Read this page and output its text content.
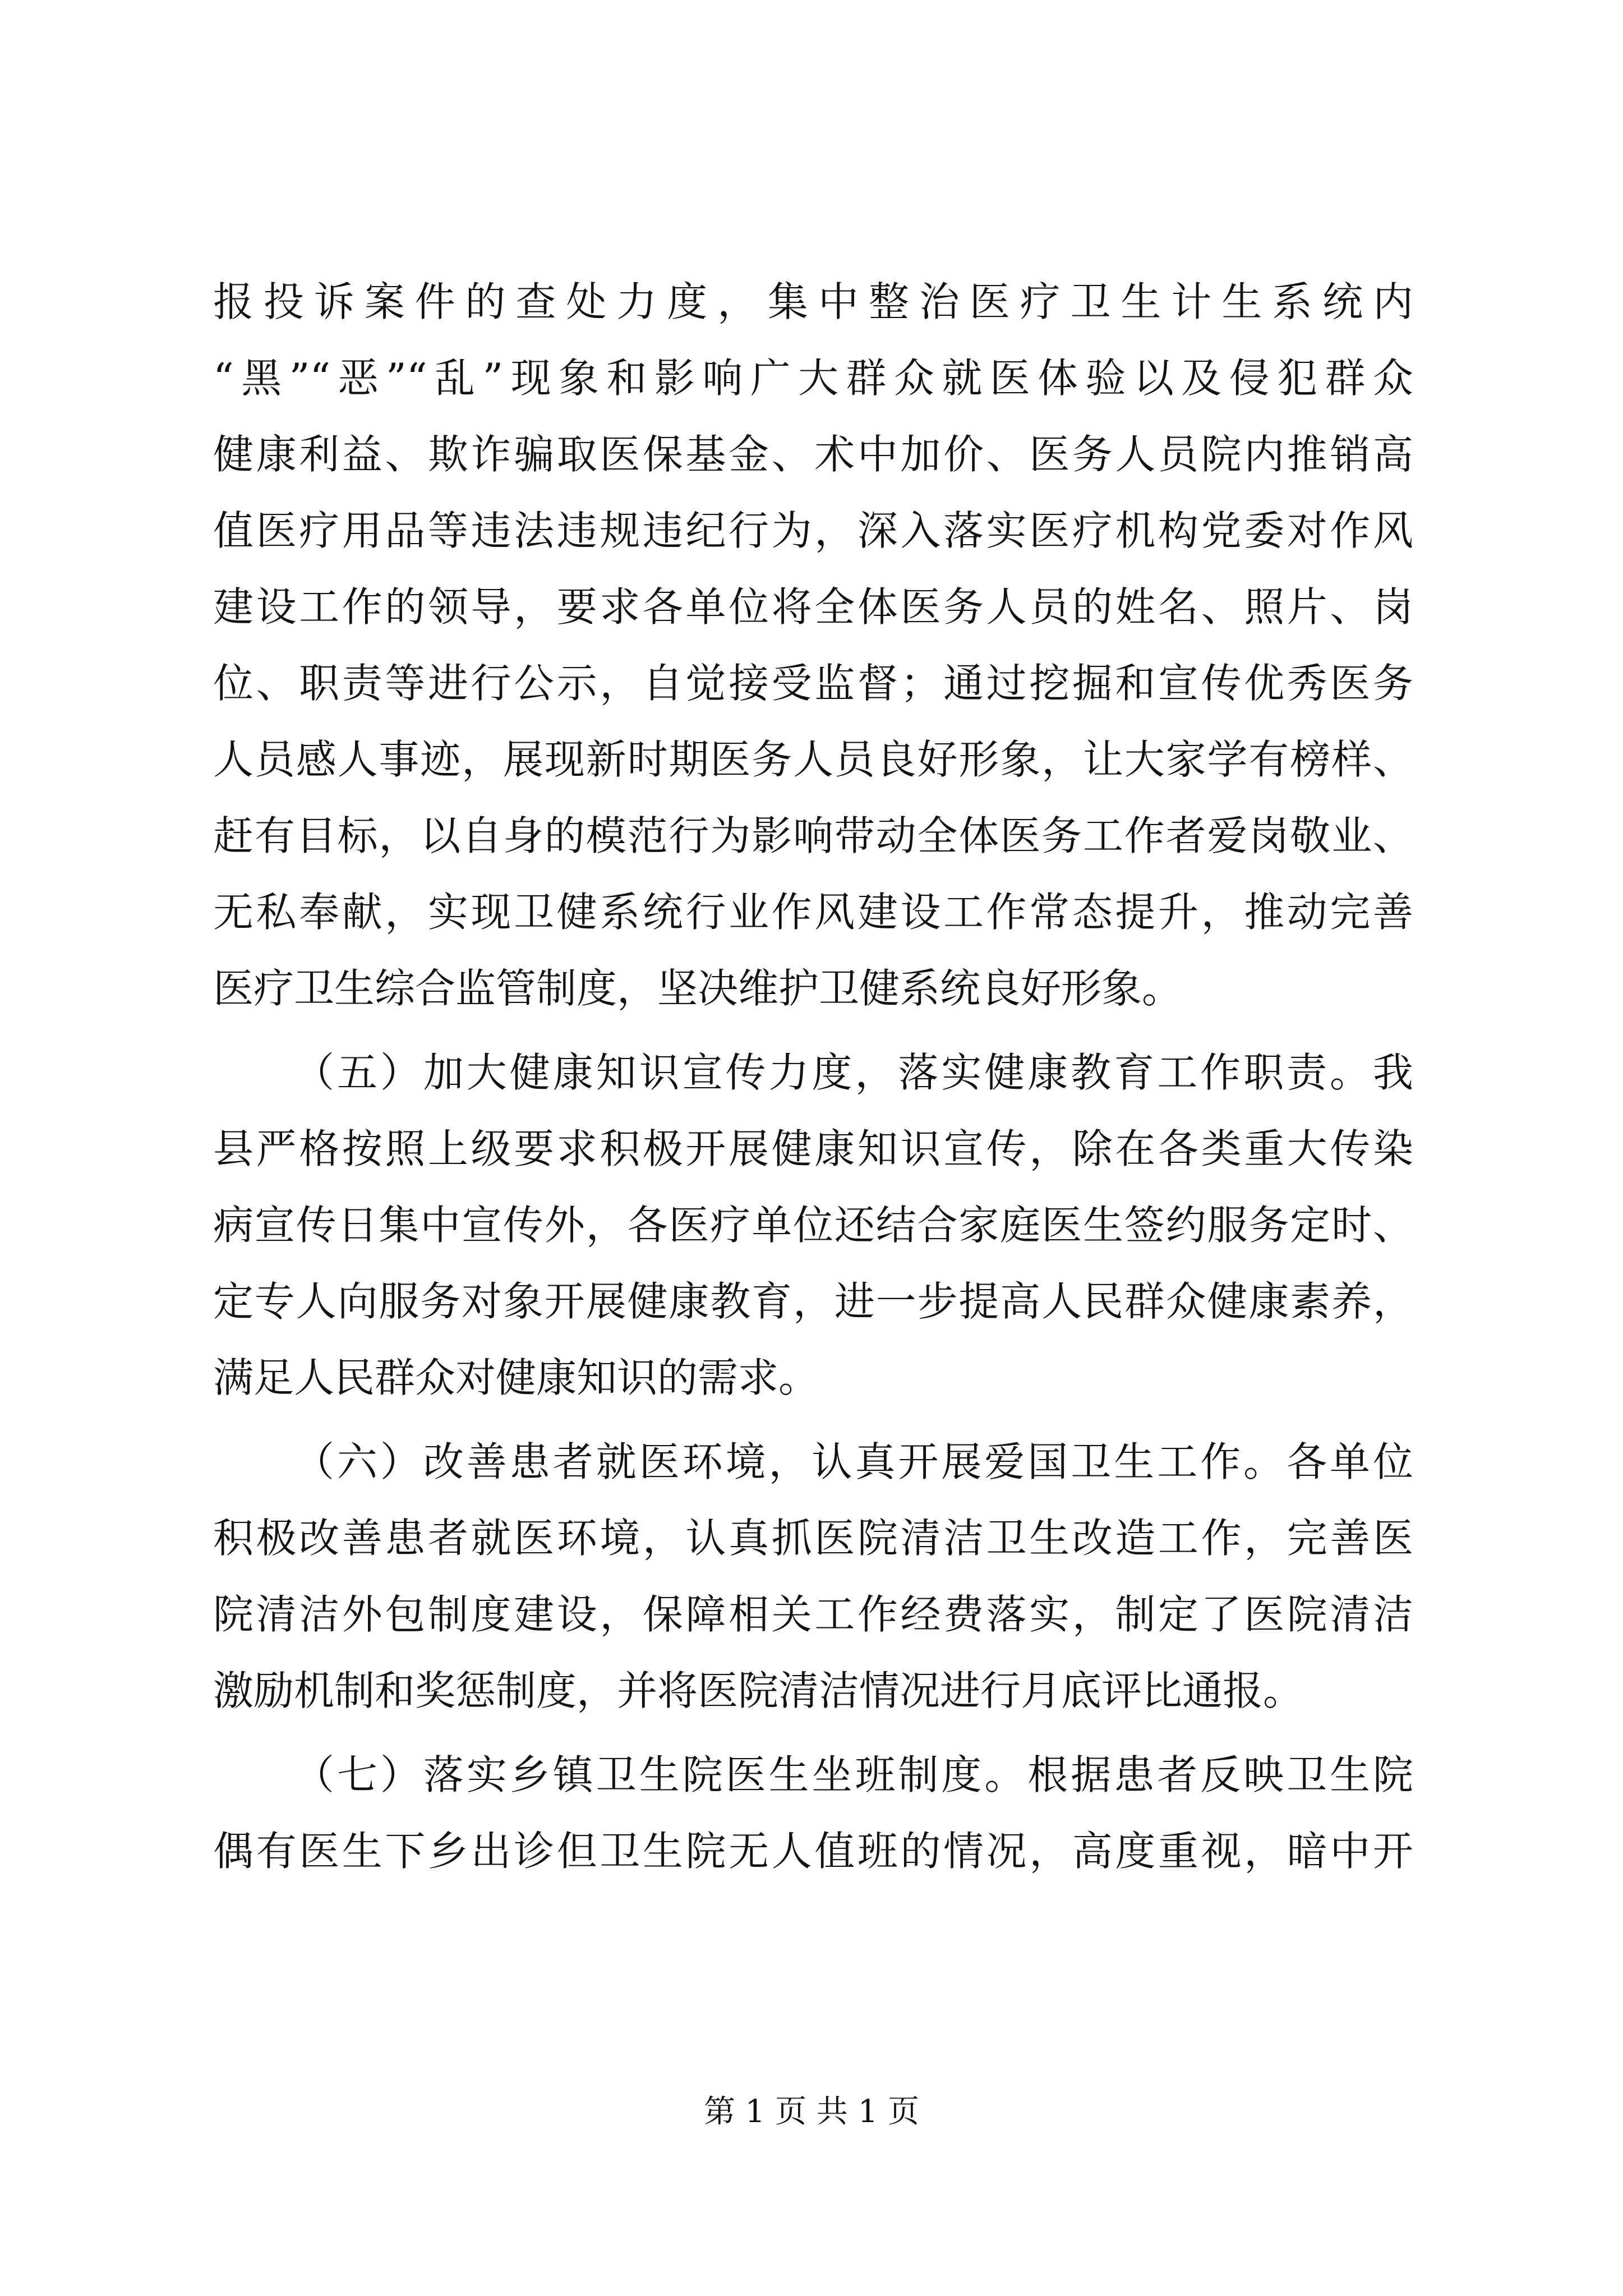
报投诉案件的查处力度，集中整治医疗卫生计生系统内
“黑”“恶”“乱”现象和影响广大群众就医体验以及侵犯群众
健康利益、欺诈骗取医保基金、术中加价、医务人员院内推销高
值医疗用品等违法违规违纪行为，深入落实医疗机构党委对作风
建设工作的领导，要求各单位将全体医务人员的姓名、照片、岗
位、职责等进行公示，自觉接受监督；通过挖掘和宣传优秀医务
人员感人事迹，展现新时期医务人员良好形象，让大家学有榜样、
赶有目标，以自身的模范行为影响带动全体医务工作者爱岗敬业、
无私奉献，实现卫健系统行业作风建设工作常态提升，推动完善
医疗卫生综合监管制度，坚决维护卫健系统良好形象。
（五）加大健康知识宣传力度，落实健康教育工作职责。我
县严格按照上级要求积极开展健康知识宣传，除在各类重大传染
病宣传日集中宣传外，各医疗单位还结合家庭医生签约服务定时、
定专人向服务对象开展健康教育，进一步提高人民群众健康素养，
满足人民群众对健康知识的需求。
（六）改善患者就医环境，认真开展爱国卫生工作。各单位
积极改善患者就医环境，认真抓医院清洁卫生改造工作，完善医
院清洁外包制度建设，保障相关工作经费落实，制定了医院清洁
激励机制和奖惩制度，并将医院清洁情况进行月底评比通报。
（七）落实乡镇卫生院医生坐班制度。根据患者反映卫生院
偶有医生下乡出诊但卫生院无人值班的情况，高度重视，暗中开
第 1 页 共 1 页
